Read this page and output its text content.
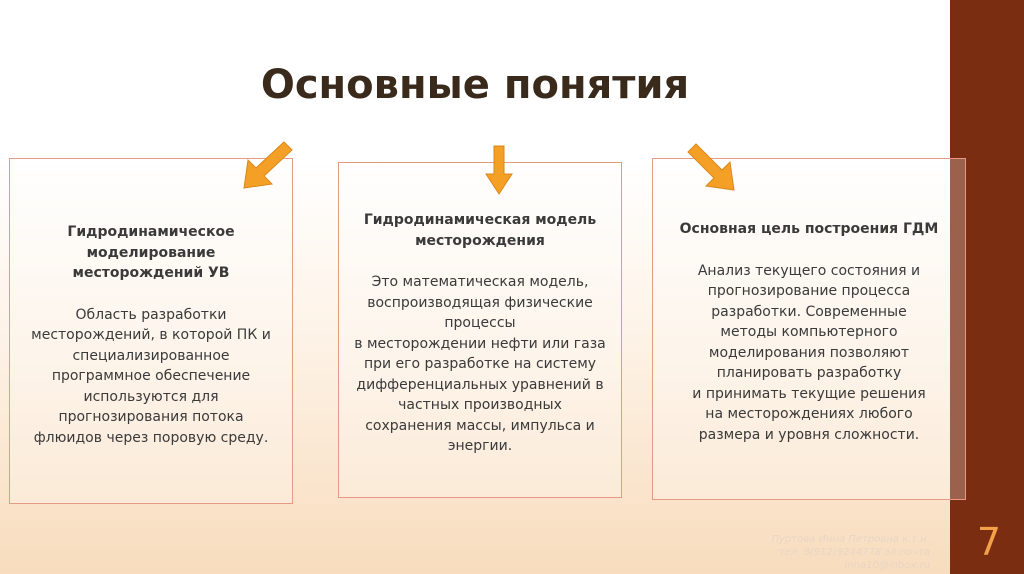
7
Основные понятия
Гидродинамическое
моделирование
месторождений УВ
Область разработки
месторождений, в которой ПК и
специализированное
программное обеспечение
используются для
прогнозирования потока
флюидов через поровую среду.
Гидродинамическая модель
месторождения
Это математическая модель,
воспроизводящая физические
процессы
в месторождении нефти или газа
при его разработке на систему
дифференциальных уравнений в
частных производных
сохранения массы, импульса и
энергии.
Основная цель построения ГДМ
Анализ текущего состояния и
прогнозирование процесса
разработки. Современные
методы компьютерного
моделирования позволяют
планировать разработку
и принимать текущие решения
на месторождениях любого
размера и уровня сложности.
Пуртова Инна Петровна к.т.н.
тел. 8(912)9244778 эл.почта
inna10@inbox.ru
